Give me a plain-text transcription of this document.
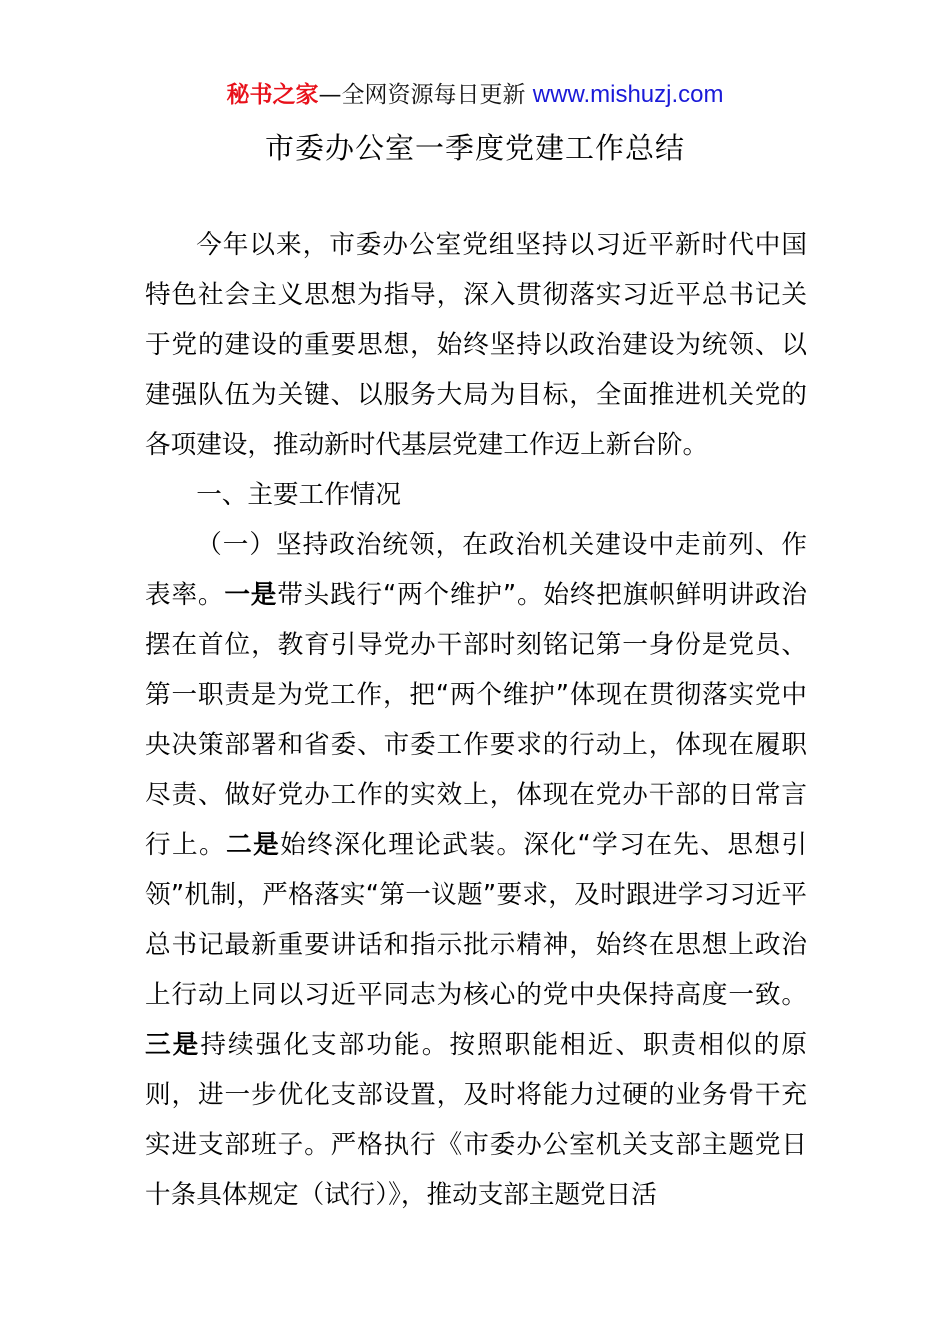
秘书之家—全网资源每日更新 www.mishuzj.com
市委办公室一季度党建工作总结

今年以来，市委办公室党组坚持以习近平新时代中国特色社会主义思想为指导，深入贯彻落实习近平总书记关于党的建设的重要思想，始终坚持以政治建设为统领、以建强队伍为关键、以服务大局为目标，全面推进机关党的各项建设，推动新时代基层党建工作迈上新台阶。

一、主要工作情况

（一）坚持政治统领，在政治机关建设中走前列、作表率。一是带头践行“两个维护”。始终把旗帜鲜明讲政治摆在首位，教育引导党办干部时刻铭记第一身份是党员、第一职责是为党工作，把“两个维护”体现在贯彻落实党中央决策部署和省委、市委工作要求的行动上，体现在履职尽责、做好党办工作的实效上，体现在党办干部的日常言行上。二是始终深化理论武装。深化“学习在先、思想引领”机制，严格落实“第一议题”要求，及时跟进学习习近平总书记最新重要讲话和指示批示精神，始终在思想上政治上行动上同以习近平同志为核心的党中央保持高度一致。三是持续强化支部功能。按照职能相近、职责相似的原则，进一步优化支部设置，及时将能力过硬的业务骨干充实进支部班子。严格执行《市委办公室机关支部主题党日十条具体规定（试行）》，推动支部主题党日活
